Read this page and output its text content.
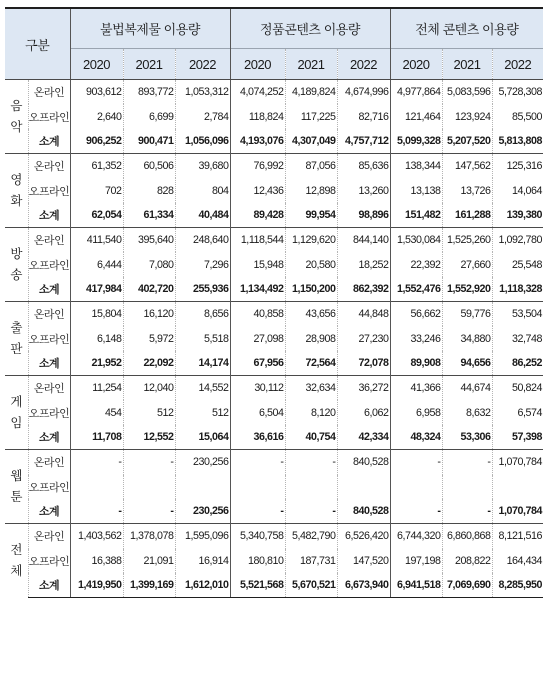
구분		불법복제물 이용량			정품콘텐츠 이용량			전체 콘텐츠 이용량		
		2020	2021	2022	2020	2021	2022	2020	2021	2022
음악	온라인	903,612	893,772	1,053,312	4,074,252	4,189,824	4,674,996	4,977,864	5,083,596	5,728,308
	오프라인	2,640	6,699	2,784	118,824	117,225	82,716	121,464	123,924	85,500
	소계	906,252	900,471	1,056,096	4,193,076	4,307,049	4,757,712	5,099,328	5,207,520	5,813,808
영화	온라인	61,352	60,506	39,680	76,992	87,056	85,636	138,344	147,562	125,316
	오프라인	702	828	804	12,436	12,898	13,260	13,138	13,726	14,064
	소계	62,054	61,334	40,484	89,428	99,954	98,896	151,482	161,288	139,380
방송	온라인	411,540	395,640	248,640	1,118,544	1,129,620	844,140	1,530,084	1,525,260	1,092,780
	오프라인	6,444	7,080	7,296	15,948	20,580	18,252	22,392	27,660	25,548
	소계	417,984	402,720	255,936	1,134,492	1,150,200	862,392	1,552,476	1,552,920	1,118,328
출판	온라인	15,804	16,120	8,656	40,858	43,656	44,848	56,662	59,776	53,504
	오프라인	6,148	5,972	5,518	27,098	28,908	27,230	33,246	34,880	32,748
	소계	21,952	22,092	14,174	67,956	72,564	72,078	89,908	94,656	86,252
게임	온라인	11,254	12,040	14,552	30,112	32,634	36,272	41,366	44,674	50,824
	오프라인	454	512	512	6,504	8,120	6,062	6,958	8,632	6,574
	소계	11,708	12,552	15,064	36,616	40,754	42,334	48,324	53,306	57,398
웹툰	온라인	-	-	230,256	-	-	840,528	-	-	1,070,784
	오프라인									
	소계	-	-	230,256	-	-	840,528	-	-	1,070,784
전체	온라인	1,403,562	1,378,078	1,595,096	5,340,758	5,482,790	6,526,420	6,744,320	6,860,868	8,121,516
	오프라인	16,388	21,091	16,914	180,810	187,731	147,520	197,198	208,822	164,434
	소계	1,419,950	1,399,169	1,612,010	5,521,568	5,670,521	6,673,940	6,941,518	7,069,690	8,285,950
